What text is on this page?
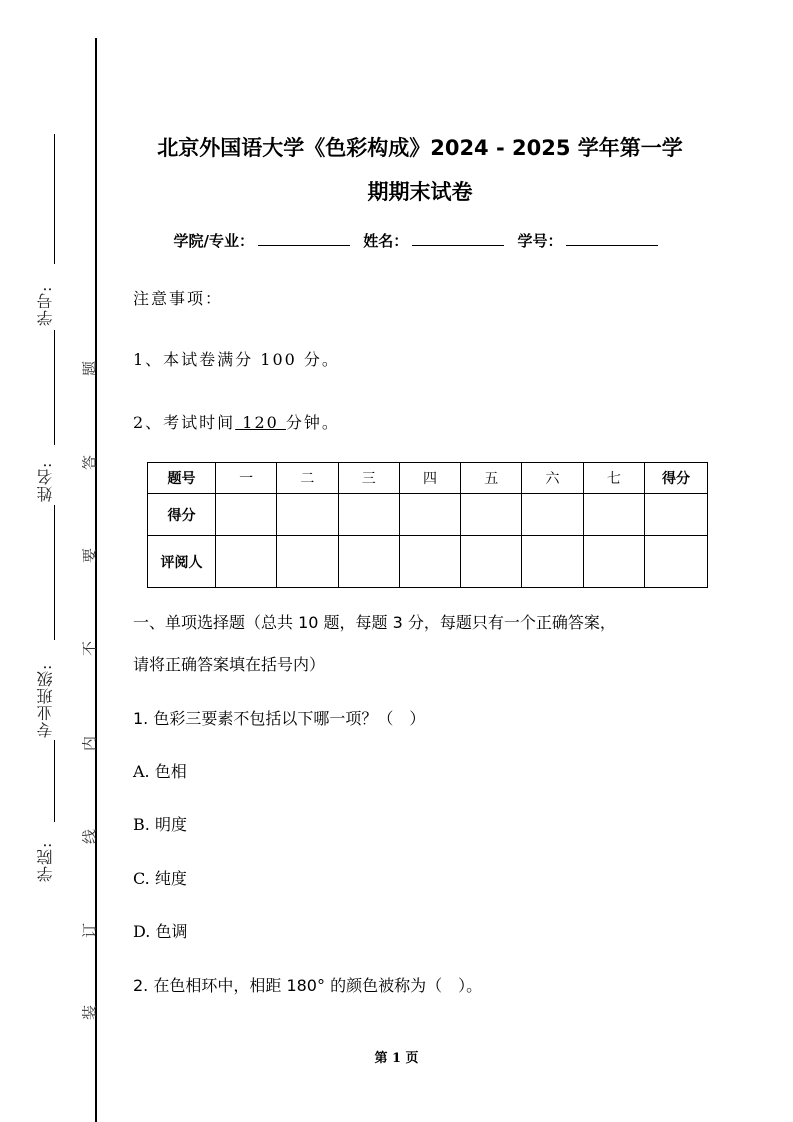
学号:
姓名:
专业班级:
学院:
题
答
要
不
内
线
订
装
北京外国语大学《色彩构成》2024 - 2025 学年第一学
期期末试卷
学院/专业：	姓名：	学号：
注意事项：
1、本试卷满分 100 分。
2、考试时间 120 分钟。
题号	一	二	三	四	五	六	七	得分
得分								
评阅人								
一、单项选择题（总共 10 题，每题 3 分，每题只有一个正确答案，
请将正确答案填在括号内）
1. 色彩三要素不包括以下哪一项？（　）
A. 色相
B. 明度
C. 纯度
D. 色调
2. 在色相环中，相距 180° 的颜色被称为（　）。
第 1 页
